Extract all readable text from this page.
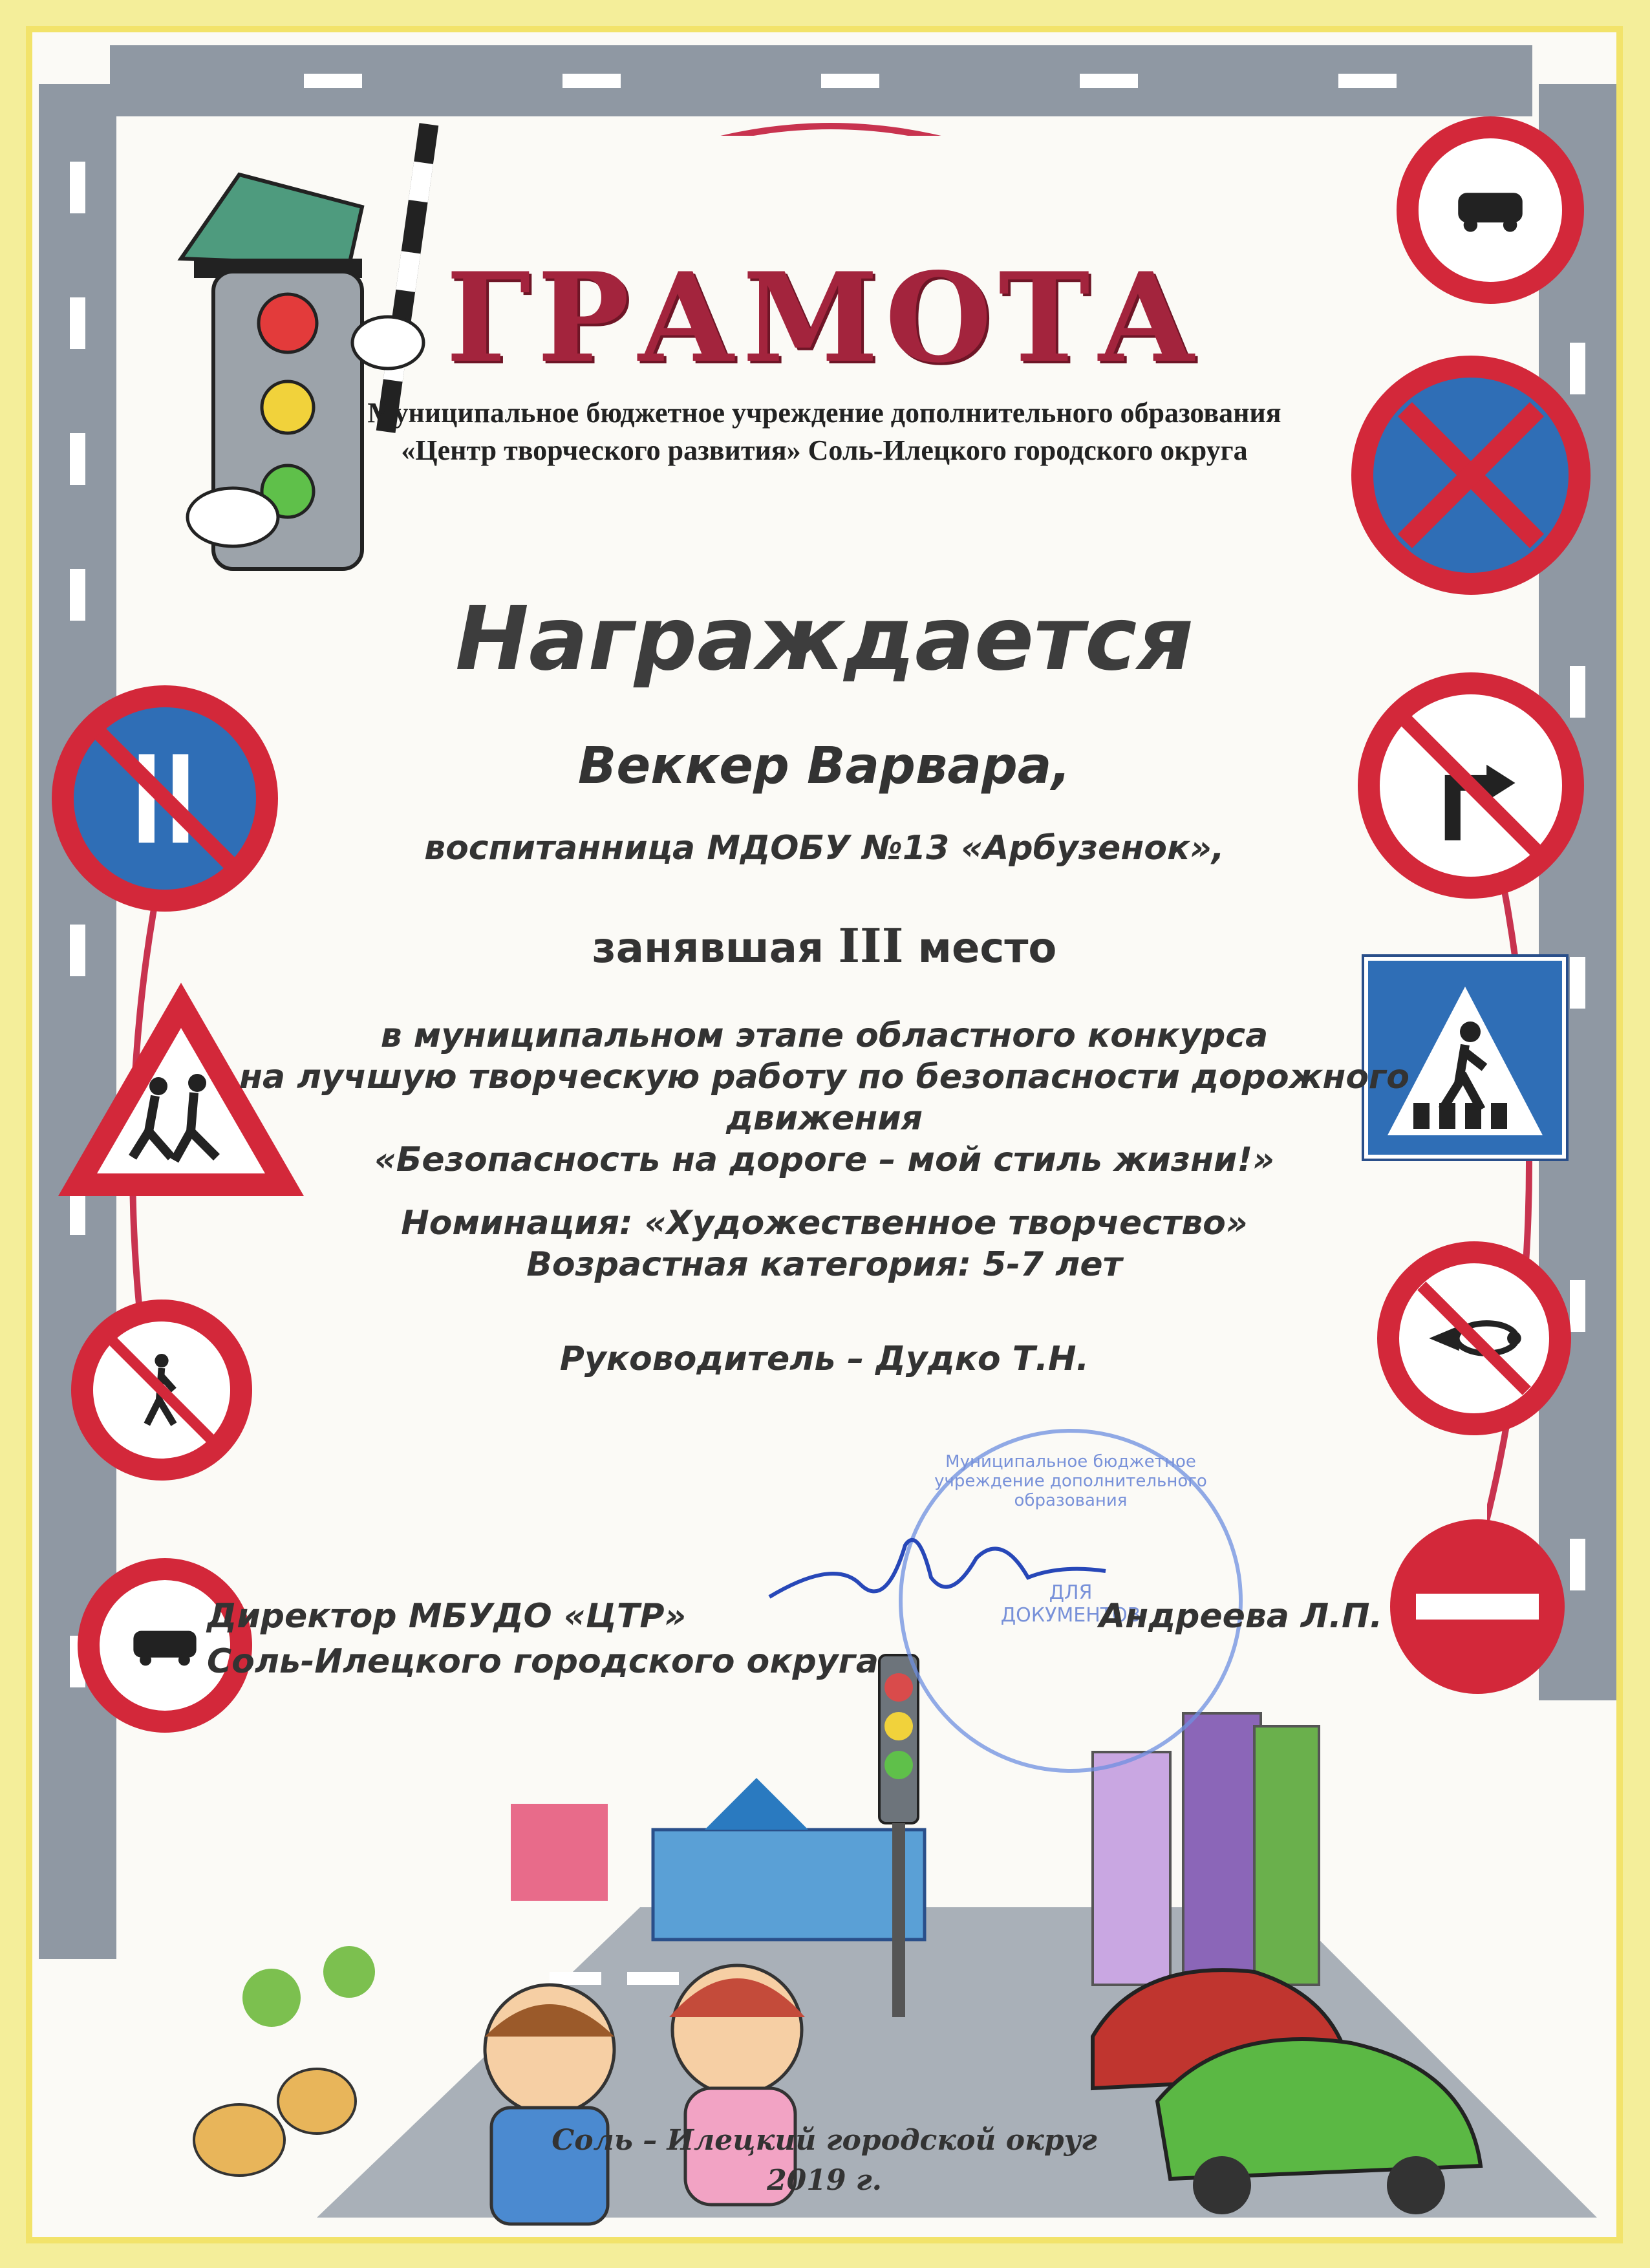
Муниципальное бюджетное учреждение дополнительного образования
ДЛЯ ДОКУМЕНТОВ
ГРАМОТА
Муниципальное бюджетное учреждение дополнительного образования
«Центр творческого развития» Соль-Илецкого городского округа
Награждается
Веккер Варвара,
воспитанница МДОБУ №13 «Арбузенок»,
занявшая III место
в муниципальном этапе областного конкурса
на лучшую творческую работу по безопасности дорожного
движения
«Безопасность на дороге – мой стиль жизни!»
Номинация: «Художественное творчество»
Возрастная категория: 5-7 лет
Руководитель – Дудко Т.Н.
Директор МБУДО «ЦТР»
Соль-Илецкого городского округа
Андреева Л.П.
Соль – Илецкий городской округ
2019 г.
